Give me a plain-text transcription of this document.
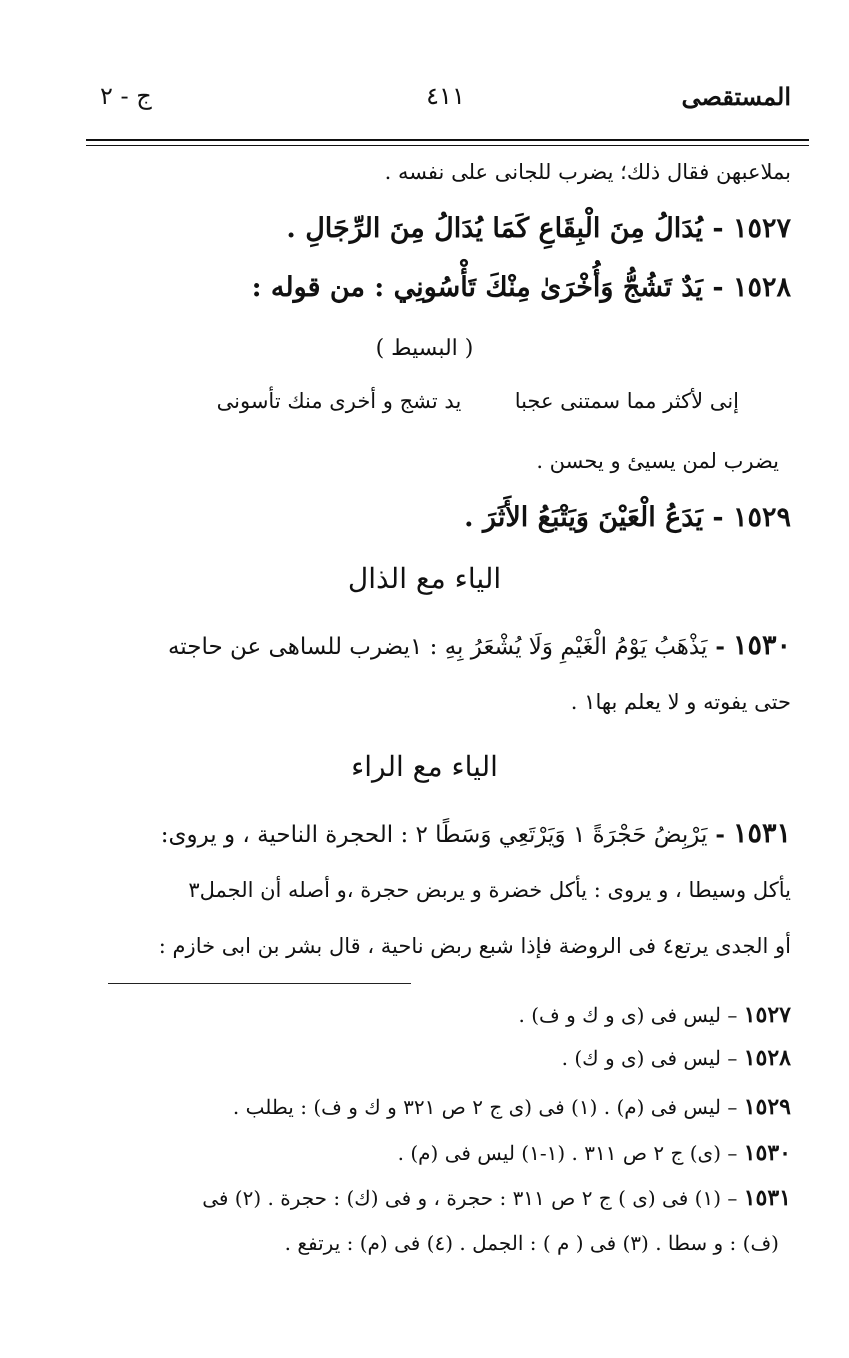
المستقصى
٤١١
ج - ٢
بملاعبهن فقال ذلك؛ يضرب للجانى على نفسه .
١٥٢٧ - يُدَالُ مِنَ الْبِقَاعِ كَمَا يُدَالُ مِنَ الرِّجَالِ .
١٥٢٨ - يَدٌ تَشُجُّ وَأُخْرَىٰ مِنْكَ تَأْسُونِي : من قوله :
( البسيط )
إنى لأكثر مما سمتنى عجبا  يد تشج و أخرى منك تأسونى
يضرب لمن يسيئ و يحسن .
١٥٢٩ - يَدَعُ الْعَيْنَ وَيَتْبَعُ الأَثَرَ .
الياء مع الذال
١٥٣٠ - يَذْهَبُ يَوْمُ الْغَيْمِ وَلَا يُشْعَرُ بِهِ : ١يضرب للساهى عن حاجته
حتى يفوته و لا يعلم بها١ .
الياء مع الراء
١٥٣١ - يَرْبِضُ حَجْرَةً ١ وَيَرْتَعِي وَسَطًا ٢ : الحجرة الناحية ، و يروى:
يأكل وسيطا ، و يروى : يأكل خضرة و يربض حجرة ،و أصله أن الجمل٣
أو الجدى يرتع٤ فى الروضة فإذا شبع ربض ناحية ، قال بشر بن ابى خازم :
١٥٢٧ – ليس فى (ى و ك و ف) .
١٥٢٨ – ليس فى (ى و ك) .
١٥٢٩ – ليس فى (م) . (١) فى (ى ج ٢ ص ٣٢١ و ك و ف) : يطلب .
١٥٣٠ – (ى) ج ٢ ص ٣١١ . (١-١) ليس فى (م) .
١٥٣١ – (١) فى (ى ) ج ٢ ص ٣١١ : حجرة ، و فى (ك) : حجرة . (٢) فى
(ف) : و سطا . (٣) فى ( م ) : الجمل . (٤) فى (م) : يرتفع .
